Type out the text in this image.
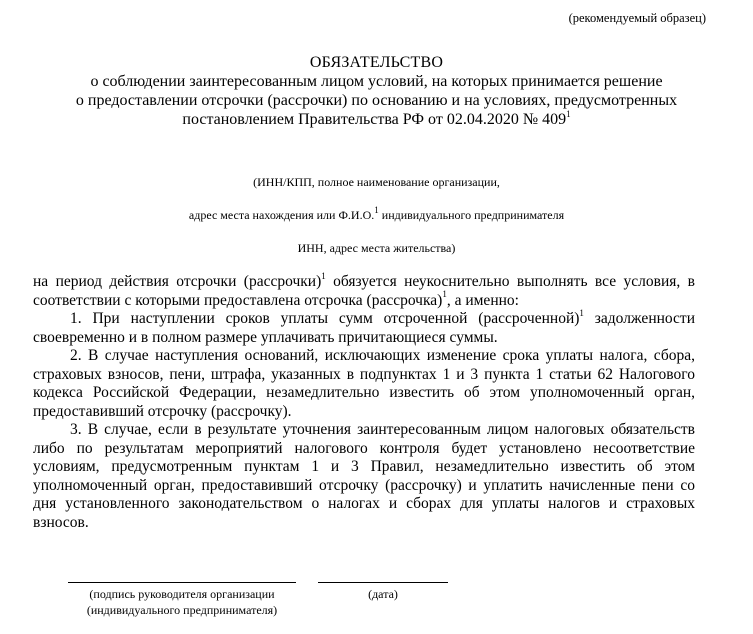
(рекомендуемый образец)
ОБЯЗАТЕЛЬСТВО
о соблюдении заинтересованным лицом условий, на которых принимается решение
о предоставлении отсрочки (рассрочки) по основанию и на условиях, предусмотренных
постановлением Правительства РФ от 02.04.2020 № $409^1$
(ИНН/КПП, полное наименование организации,
адрес места нахождения или Ф.И.О.$^1$ индивидуального предпринимателя
ИНН, адрес места жительства)

на период действия отсрочки (рассрочки)$^1$ обязуется неукоснительно выполнять все условия, в соответствии с которыми предоставлена отсрочка (рассрочка)$^1$, а именно:

1. При наступлении сроков уплаты сумм отсроченной (рассроченной)$^1$ задолженности своевременно и в полном размере уплачивать причитающиеся суммы.

2. В случае наступления оснований, исключающих изменение срока уплаты налога, сбора, страховых взносов, пени, штрафа, указанных в подпунктах 1 и 3 пункта 1 статьи 62 Налогового кодекса Российской Федерации, незамедлительно известить об этом уполномоченный орган, предоставивший отсрочку (рассрочку).

3. В случае, если в результате уточнения заинтересованным лицом налоговых обязательств либо по результатам мероприятий налогового контроля будет установлено несоответствие условиям, предусмотренным пунктам 1 и 3 Правил, незамедлительно известить об этом уполномоченный орган, предоставивший отсрочку (рассрочку) и уплатить начисленные пени со дня установленного законодательством о налогах и сборах для уплаты налогов и страховых взносов.

(подпись руководителя организации
(индивидуального предпринимателя)
(дата)
